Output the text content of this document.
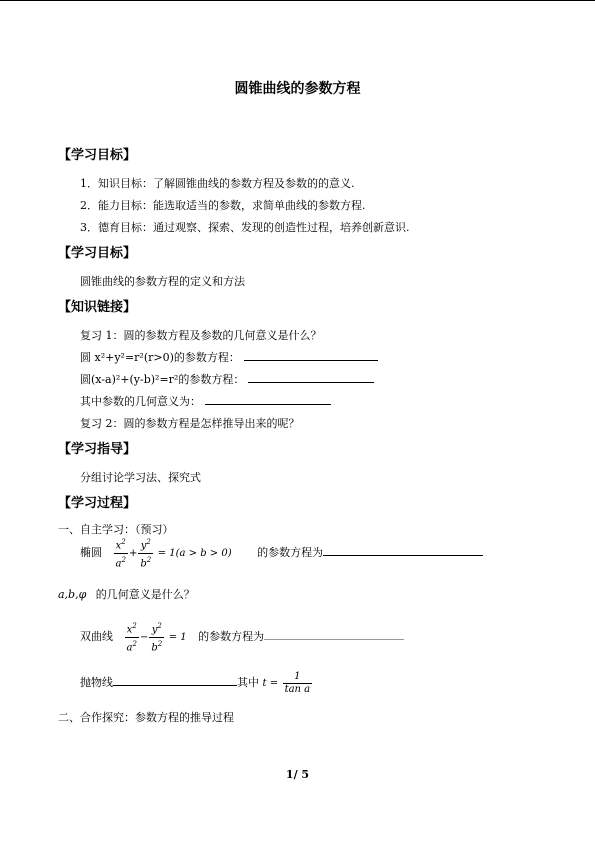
圆锥曲线的参数方程
【学习目标】
1．知识目标：了解圆锥曲线的参数方程及参数的的意义.
2．能力目标：能选取适当的参数，求简单曲线的参数方程.
3．德育目标：通过观察、探索、发现的创造性过程，培养创新意识.
【学习目标】
圆锥曲线的参数方程的定义和方法
【知识链接】
复习 1：圆的参数方程及参数的几何意义是什么？
圆 x²+y²=r²(r>0)的参数方程：
圆(x-a)²+(y-b)²=r²的参数方程：
其中参数的几何意义为：
复习 2：圆的参数方程是怎样推导出来的呢？
【学习指导】
分组讨论学习法、探究式
【学习过程】
一、自主学习：（预习）
椭圆 $\frac{x^2}{a^2} + \frac{y^2}{b^2} = 1(a > b > 0)$ 的参数方程为
a,b,φ 的几何意义是什么？
双曲线 $\frac{x^2}{a^2} - \frac{y^2}{b^2} = 1$ 的参数方程为
抛物线	其中 $t = \frac{1}{\text{tan a}}$
二、合作探究：参数方程的推导过程
1/ 5
